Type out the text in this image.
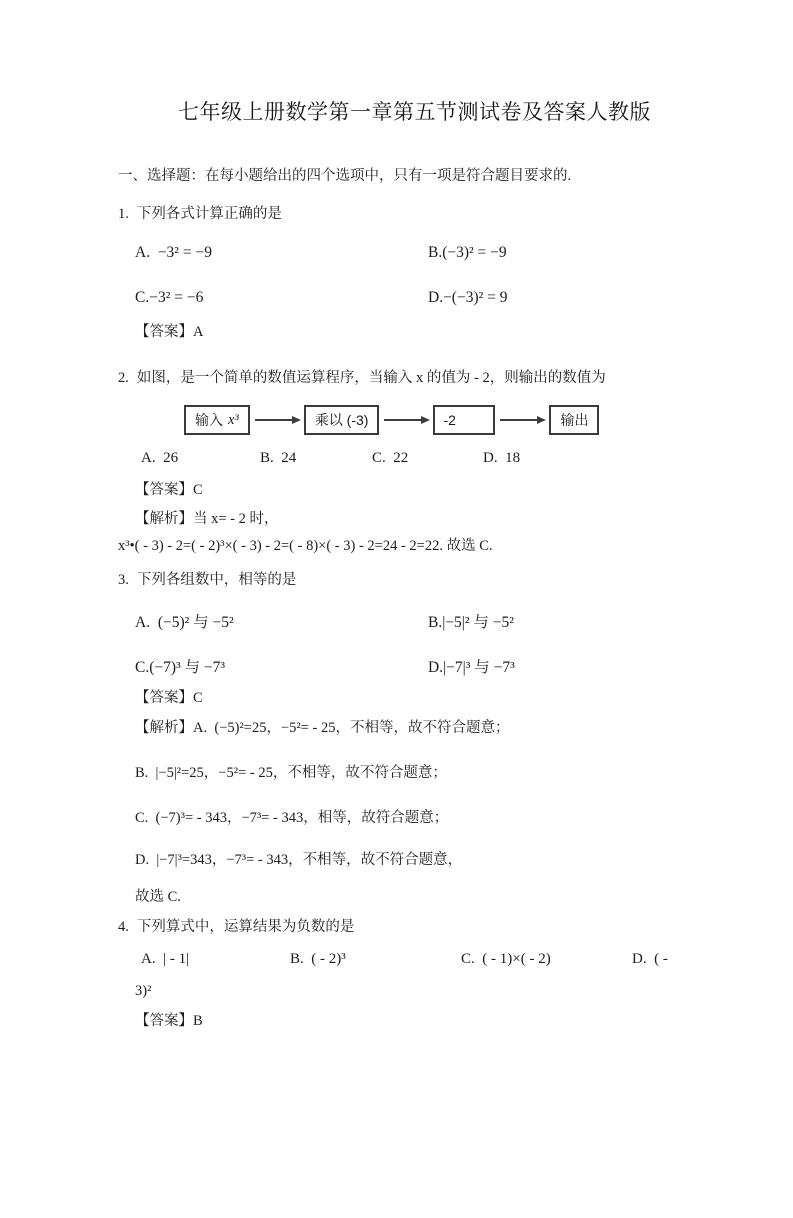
七年级上册数学第一章第五节测试卷及答案人教版

一、选择题：在每小题给出的四个选项中，只有一项是符合题目要求的.

1. 下列各式计算正确的是

A.  −3² = −9	B.(−3)² = −9
C.−3² = −6	D.−(−3)² = 9

【答案】A

2. 如图，是一个简单的数值运算程序，当输入 x 的值为 - 2，则输出的数值为

输入 x³	乘以 (-3)	-2	输出
A.  26	B.  24	C.  22	D.  18

【答案】C

【解析】当 x= - 2 时，

x³•( - 3) - 2=( - 2)³×( - 3) - 2=( - 8)×( - 3) - 2=24 - 2=22. 故选 C.

3. 下列各组数中，相等的是

A.  (−5)² 与 −5²	B.|−5|² 与 −5²
C.(−7)³ 与 −7³	D.|−7|³ 与 −7³

【答案】C

【解析】A.  (−5)²=25，−5²= - 25，不相等，故不符合题意；

B.  |−5|²=25，−5²= - 25，不相等，故不符合题意；

C.  (−7)³= - 343，−7³= - 343，相等，故符合题意；

D.  |−7|³=343，−7³= - 343，不相等，故不符合题意，

故选 C.

4. 下列算式中，运算结果为负数的是

A.  | - 1|	B.  ( - 2)³	C.  ( - 1)×( - 2)	D.  ( -

3)²

【答案】B
